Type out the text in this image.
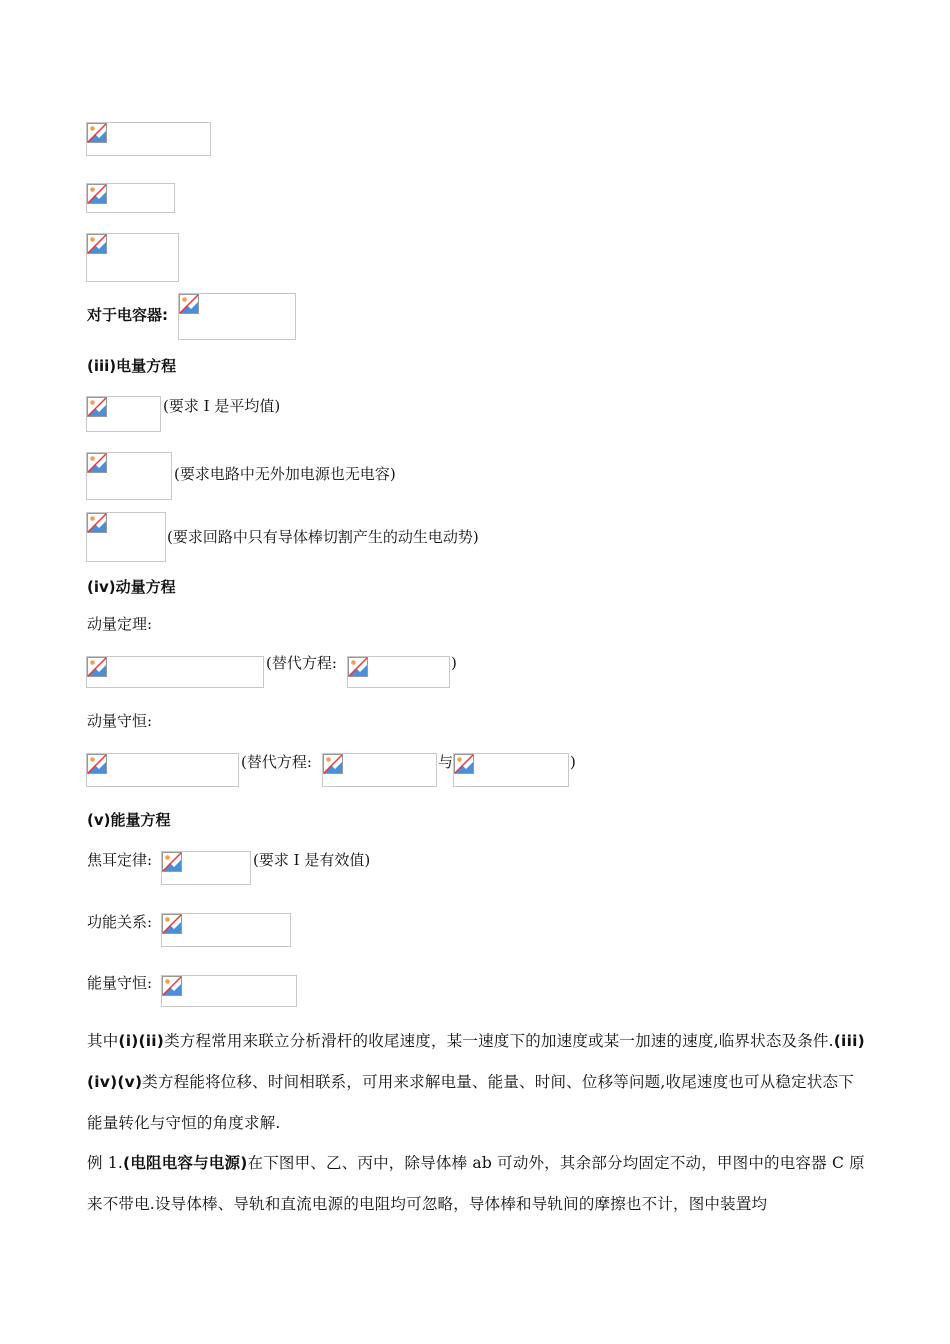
对于电容器:
(iii)电量方程
(要求 I 是平均值)
(要求电路中无外加电源也无电容)
(要求回路中只有导体棒切割产生的动生电动势)
(iv)动量方程
动量定理:
(替代方程:	)
动量守恒:
(替代方程:	与	)
(v)能量方程
焦耳定律:	(要求 I 是有效值)
功能关系:
能量守恒:
其中(i)(ii)类方程常用来联立分析滑杆的收尾速度，某一速度下的加速度或某一加速的速度,临界状态及条件.(iii)(iv)(v)类方程能将位移、时间相联系，可用来求解电量、能量、时间、位移等问题,收尾速度也可从稳定状态下能量转化与守恒的角度求解.
例 1.(电阻电容与电源)在下图甲、乙、丙中，除导体棒 ab 可动外，其余部分均固定不动，甲图中的电容器 C 原来不带电.设导体棒、导轨和直流电源的电阻均可忽略，导体棒和导轨间的摩擦也不计，图中装置均
